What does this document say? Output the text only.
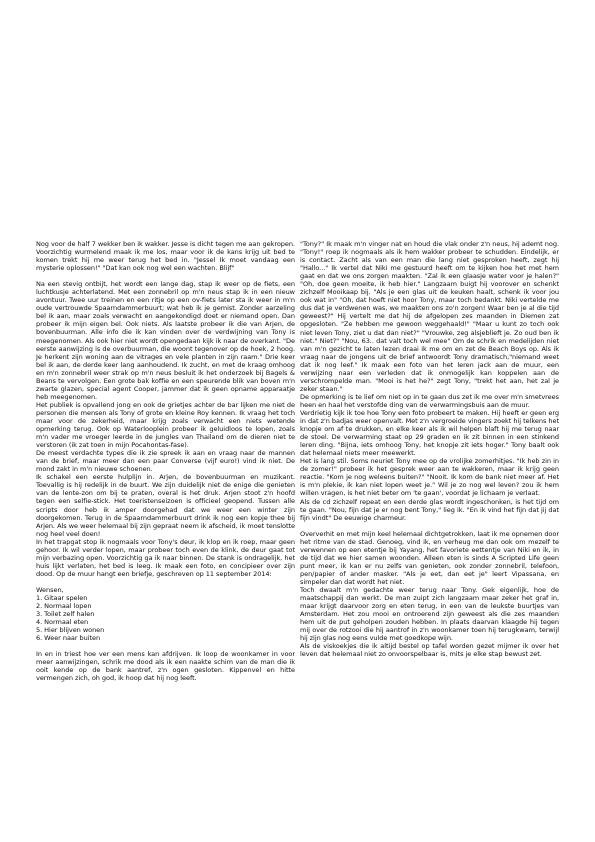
Nog voor de half 7 wekker ben ik wakker. Jesse is dicht tegen me aan gekropen. Voorzichtig wurmelend maak ik me los, maar voor ik de kans krijg uit bed te komen trekt hij me weer terug het bed in. "Jessel Ik moet vandaag een mysterie oplossen!" "Dat kan ook nog wel een wachten. Blijf"

Na een stevig ontbijt, het wordt een lange dag, stap ik weer op de fiets, een luchtkusje achterlatend. Met een zonnebril op m'n neus stap ik in een nieuw avontuur. Twee uur treinen en een ritje op een ov-fiets later sta ik weer in m'n oude vertrouwde Spaarndammerbuurt; wat heb ik je gemist. Zonder aarzeling bel ik aan, maar zoals verwacht en aangekondigd doet er niemand open. Dan probeer ik mijn eigen bel. Ook niets. Als laatste probeer ik die van Arjen, de bovenbuurman. Alle info die ik kan vinden over de verdwijning van Tony is meegenomen. Als ook hier niet wordt opengedaan kijk ik naar de overkant. "De eerste aanwijzing is de overbuurman, die woont tegenover op de hoek, 2 hoog. Je herkent zijn woning aan de vitrages en vele planten in zijn raam." Drie keer bel ik aan, de derde keer lang aanhoudend. Ik zucht, en met de kraag omhoog en m'n zonnebril weer strak op m'n neus besluit ik het onderzoek bij Bagels & Beans te vervolgen. Een grote bak koffie en een speurende blik van boven m'n zwarte glazen, special agent Cooper, jammer dat ik geen opname apparaatje heb meegenomen.

Het publiek is opvallend jong en ook de grietjes achter de bar lijken me niet de personen die mensen als Tony of grote en kleine Roy kennen. Ik vraag het toch maar voor de zekerheid, maar krijg zoals verwacht een niets wetende opmerking terug. Ook op Waterlooplein probeer ik geluidloos te lopen, zoals m'n vader me vroeger leerde in de jungles van Thailand om de dieren niet te verstoren (ik zat toen in mijn Pocahontas-fase).

De meest verdachte types die ik zie spreek ik aan en vraag naar de mannen van de brief, maar meer dan een paar Converse (vijf euro!) vind ik niet. De mond zakt in m'n nieuwe schoenen.

Ik schakel een eerste hulplijn in. Arjen, de bovenbuurman en muzikant. Toevallig is hij redelijk in de buurt. We zijn duidelijk niet de enige die genieten van de lente-zon om bij te praten, overal is het druk. Arjen stoot z'n hoofd tegen een selfie-stick. Het toeristenseizoen is officieel geopend. Tussen alle scripts door heb ik amper doorgehad dat we weer een winter zijn doorgekomen. Terug in de Spaarndammerbuurt drink ik nog een kopje thee bij Arjen. Als we weer helemaal bij zijn gepraat neem ik afscheid, ik moet tenslotte nog heel veel doen!

In het trapgat stop ik nogmaals voor Tony's deur, ik klop en ik roep, maar geen gehoor. Ik wil verder lopen, maar probeer toch even de klink, de deur gaat tot mijn verbazing open. Voorzichtig ga ik naar binnen. De stank is ondragelijk, het huis lijkt verlaten, het bed is leeg. Ik maak een foto, en concipieer over zijn dood. Op de muur hangt een briefje, geschreven op 11 september 2014:

Wensen,

1. Gitaar spelen
2. Normaal lopen
3. Toilet zelf halen
4. Normaal eten
5. Hier blijven wonen
6. Weer naar buiten

In en in triest hoe ver een mens kan afdrijven. Ik loop de woonkamer in voor meer aanwijzingen, schrik me dood als ik een naakte schim van de man die ik ooit kende op de bank aantref, z'n ogen gesloten. Kippenvel en hitte vermengen zich, oh god, ik hoop dat hij nog leeft.

"Tony?" Ik maak m'n vinger nat en houd die vlak onder z'n neus, hij ademt nog. "Tony!" roep ik nogmaals als ik hem wakker probeer te schudden. Eindelijk, er is contact. Zacht als van een man die lang niet gesproken heeft, zegt hij "Hallo..." Ik vertel dat Niki me gestuurd heeft om te kijken hoe het met hem gaat en dat we ons zorgen maakten. "Zal ik een glaasje water voor je halen?" "Oh, doe geen moeite, ik heb hier." Langzaam buigt hij voorover en schenkt zichzelf Mooikaap bij. "Als je een glas uit de keuken haalt, schenk ik voor jou ook wat in" "Oh, dat hoeft niet hoor Tony, maar toch bedankt. Niki vertelde me dus dat je verdwenen was, we maakten ons zo'n zorgen! Waar ben je al die tijd geweest?" Hij vertelt me dat hij de afgelopen zes maanden in Diemen zat opgesloten. "Ze hebben me gewoon weggehaald!" "Maar u kunt zo toch ook niet leven Tony, ziet u dat dan niet?" "Vrouwke, zeg alsjeblieft je. Zo oud ben ik niet." Niet?" "Nou, 63.. dat valt toch wel mee" Om de schrik en medelijden niet van m'n gezicht te laten lezen draai ik me om en zet de Beach Boys op. Als ik vraag naar de jongens uit de brief antwoordt Tony dramatisch,"niemand weet dat ik nog leef." Ik maak een foto van het leren jack aan de muur, een verwijzing naar een verleden dat ik onmogelijk kan koppelen aan de verschrompelde man. "Mooi is het he?" zegt Tony, "trekt het aan, het zal je zeker staan."

De opmerking is te lief om niet op in te gaan dus zet ik me over m'n smetvrees heen en haal het verstofde ding van de verwarmingsbuis aan de muur.

Verdrietig kijk ik toe hoe Tony een foto probeert te maken. Hij heeft er geen erg in dat z'n badjas weer openvalt. Met z'n vergroeide vingers zoekt hij telkens het knopje om af te drukken, en elke keer als ik wil helpen blaft hij me terug naar de stoel. De verwarming staat op 29 graden en ik zit binnen in een stinkend leren ding. "Bijna, iets omhoog Tony, het knopje zit iets hoger." Tony baalt ook dat helemaal niets meer meewerkt.

Het is lang stil. Soms neuriet Tony mee op de vrolijke zomerhitjes. "Ik heb zin in de zomer!" probeer ik het gesprek weer aan te wakkeren, maar ik krijg geen reactie. "Kom je nog weleens buiten?" "Nooit. Ik kom de bank niet meer af. Het is m'n plekie, ik kan niet lopen weet je." Wil je zo nog wel leven? zou ik hem willen vragen, is het niet beter om 'te gaan', voordat je lichaam je verlaat.

Als de cd zichzelf repeat en een derde glas wordt ingeschonken, is het tijd om te gaan. "Nou, fijn dat je er nog bent Tony," lieg ik. "En ik vind het fijn dat jij dat fijn vindt" De eeuwige charmeur.

Oververhit en met mijn keel helemaal dichtgetrokken, laat ik me opnemen door het ritme van de stad. Genoeg, vind ik, en verheug me dan ook om mezelf te verwennen op een etentje bij Yayang, het favoriete eettentje van Niki en ik, in de tijd dat we hier samen woonden. Alleen eten is sinds A Scripted Life geen punt meer, ik kan er nu zelfs van genieten, ook zonder zonnebril, telefoon, pen/papier of ander masker. "Als je eet, dan eet je" leert Vipassana, en simpeler dan dat wordt het niet.

Toch dwaalt m'n gedachte weer terug naar Tony. Gek eigenlijk, hoe de maatschappij dan werkt. De man zuipt zich langzaam maar zeker het graf in, maar krijgt daarvoor zorg en eten terug, in een van de leukste buurtjes van Amsterdam. Het zou mooi en ontroerend zijn geweest als die zes maanden hem uit de put geholpen zouden hebben. In plaats daarvan klaagde hij tegen mij over de rotzooi die hij aantrof in z'n woonkamer toen hij terugkwam, terwijl hij zijn glas nog eens vulde met goedkope wijn.

Als de viskoekjes die ik altijd bestel op tafel worden gezet mijmer ik over het leven dat helemaal niet zo onvoorspelbaar is, mits je elke stap bewust zet.
